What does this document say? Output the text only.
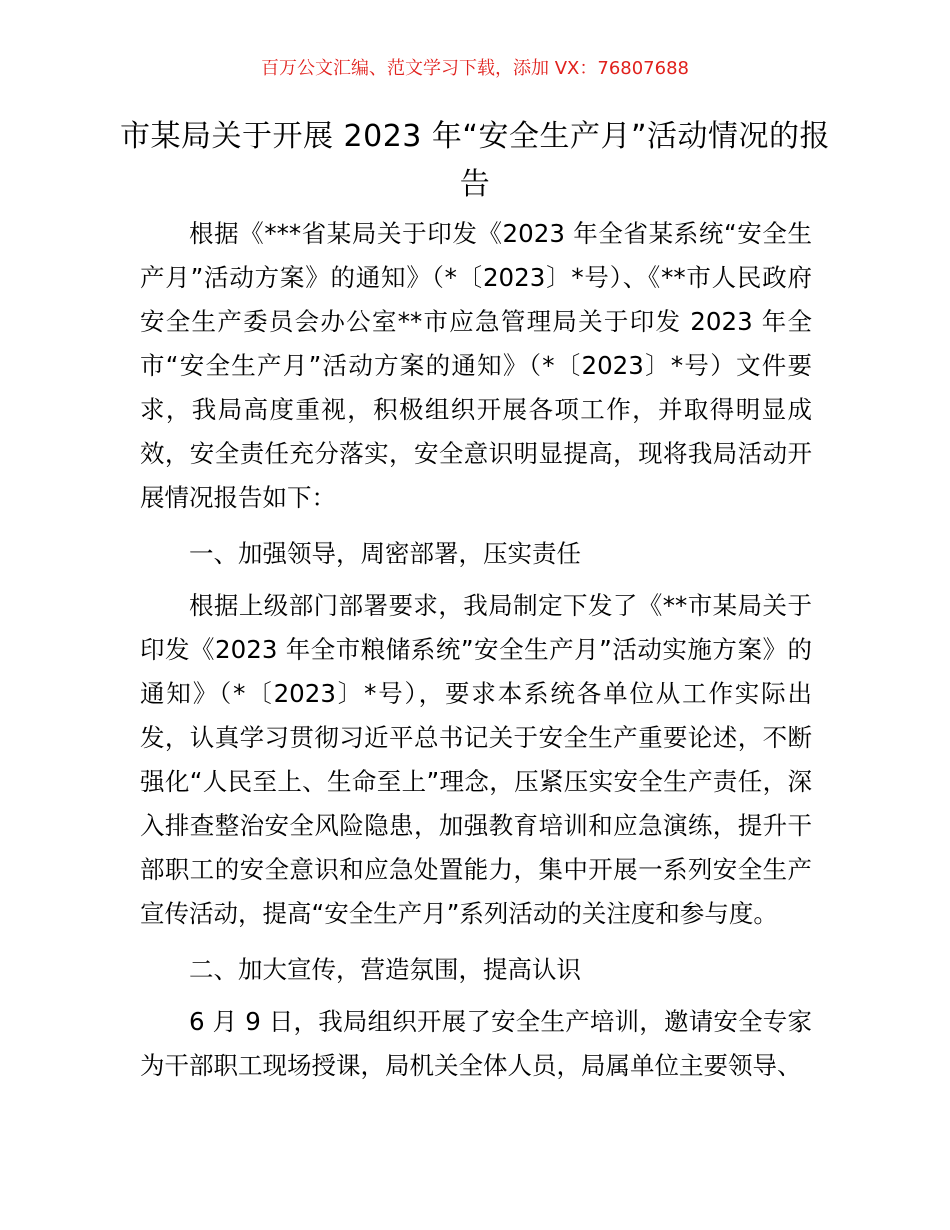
百万公文汇编、范文学习下载，添加 VX：76807688
市某局关于开展 2023 年“安全生产月”活动情况的报告

根据《***省某局关于印发《2023 年全省某系统“安全生产月”活动方案》的通知》（*〔2023〕*号）、《**市人民政府安全生产委员会办公室**市应急管理局关于印发 2023 年全市“安全生产月”活动方案的通知》（*〔2023〕*号）文件要求，我局高度重视，积极组织开展各项工作，并取得明显成效，安全责任充分落实，安全意识明显提高，现将我局活动开展情况报告如下：

一、加强领导，周密部署，压实责任

根据上级部门部署要求，我局制定下发了《**市某局关于印发《2023 年全市粮储系统”安全生产月”活动实施方案》的通知》（*〔2023〕*号），要求本系统各单位从工作实际出发，认真学习贯彻习近平总书记关于安全生产重要论述，不断强化“人民至上、生命至上”理念，压紧压实安全生产责任，深入排查整治安全风险隐患，加强教育培训和应急演练，提升干部职工的安全意识和应急处置能力，集中开展一系列安全生产宣传活动，提高“安全生产月”系列活动的关注度和参与度。

二、加大宣传，营造氛围，提高认识

6 月 9 日，我局组织开展了安全生产培训，邀请安全专家为干部职工现场授课，局机关全体人员，局属单位主要领导、
